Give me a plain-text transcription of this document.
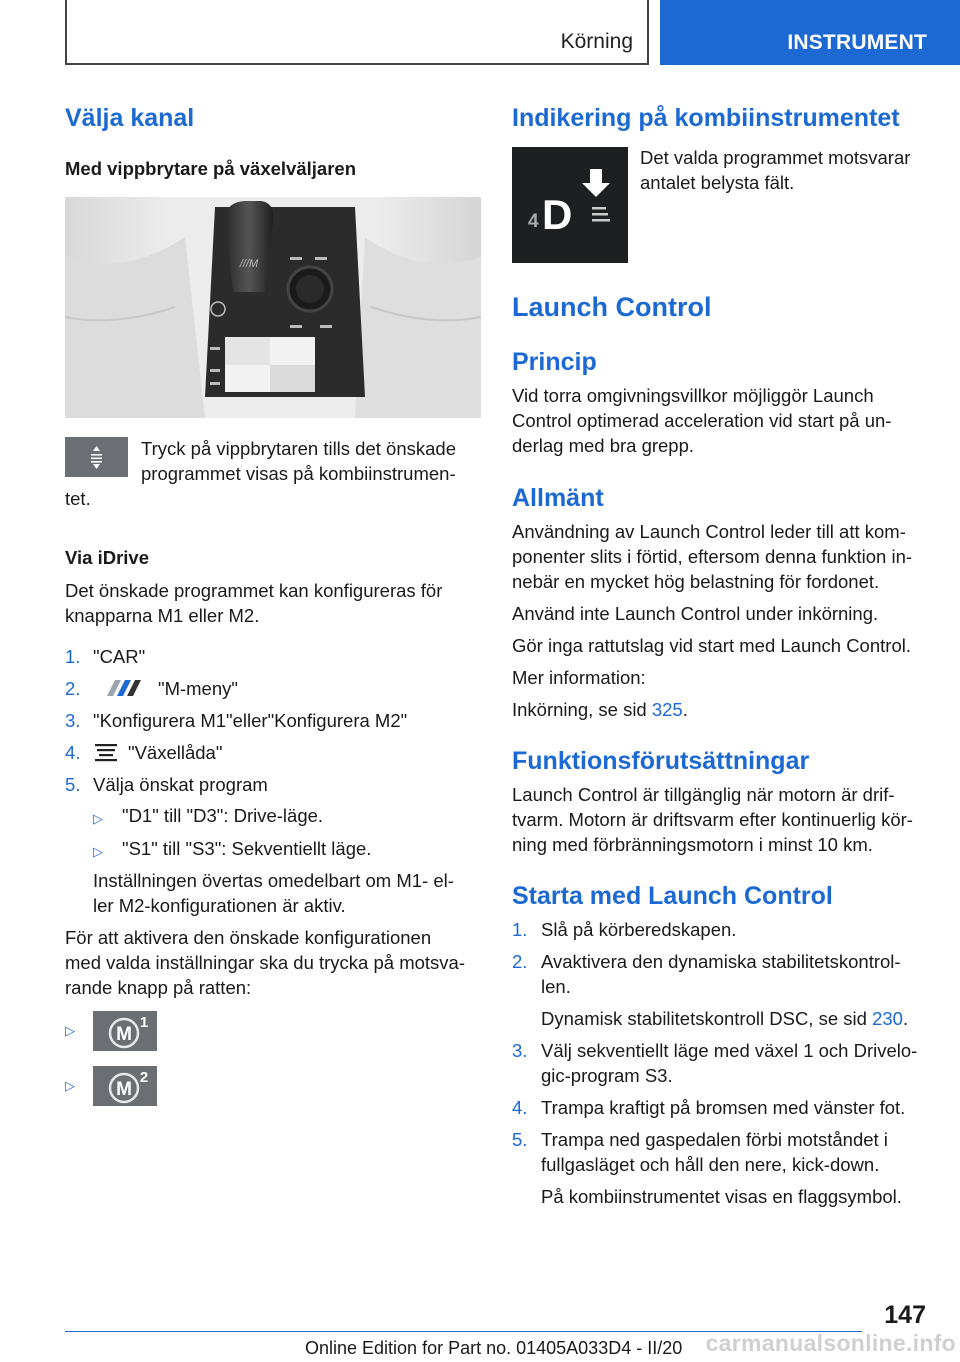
Körning	INSTRUMENT
Välja kanal
Med vippbrytare på växelväljaren
///M
Tryck på vippbrytaren tills det önskade
programmet visas på kombiinstrumen-
tet.
Via iDrive
Det önskade programmet kan konfigureras för
knapparna M1 eller M2.
1. "CAR"
2.	"M-meny"
3. "Konfigurera M1"eller"Konfigurera M2"
4.	"Växellåda"
5. Välja önskat program
▷ "D1" till "D3": Drive-läge.
▷ "S1" till "S3": Sekventiellt läge.
Inställningen övertas omedelbart om M1- el-
ler M2-konfigurationen är aktiv.
För att aktivera den önskade konfigurationen
med valda inställningar ska du trycka på motsva-
rande knapp på ratten:
▷ M
1
▷ M
2
Indikering på kombiinstrumentet
4 D
Det valda programmet motsvarar
antalet belysta fält.
Launch Control
Princip
Vid torra omgivningsvillkor möjliggör Launch
Control optimerad acceleration vid start på un-
derlag med bra grepp.
Allmänt
Användning av Launch Control leder till att kom-
ponenter slits i förtid, eftersom denna funktion in-
nebär en mycket hög belastning för fordonet.
Använd inte Launch Control under inkörning.
Gör inga rattutslag vid start med Launch Control.
Mer information:
Inkörning, se sid 325.
Funktionsförutsättningar
Launch Control är tillgänglig när motorn är drif-
tvarm. Motorn är driftsvarm efter kontinuerlig kör-
ning med förbränningsmotorn i minst 10 km.
Starta med Launch Control
1. Slå på körberedskapen.
2. Avaktivera den dynamiska stabilitetskontrol-
len.
Dynamisk stabilitetskontroll DSC, se sid 230.
3. Välj sekventiellt läge med växel 1 och Drivelo-
gic-program S3.
4. Trampa kraftigt på bromsen med vänster fot.
5. Trampa ned gaspedalen förbi motståndet i
fullgasläget och håll den nere, kick-down.
På kombiinstrumentet visas en flaggsymbol.
147
Online Edition for Part no. 01405A033D4 - II/20 carmanualsonline.info
